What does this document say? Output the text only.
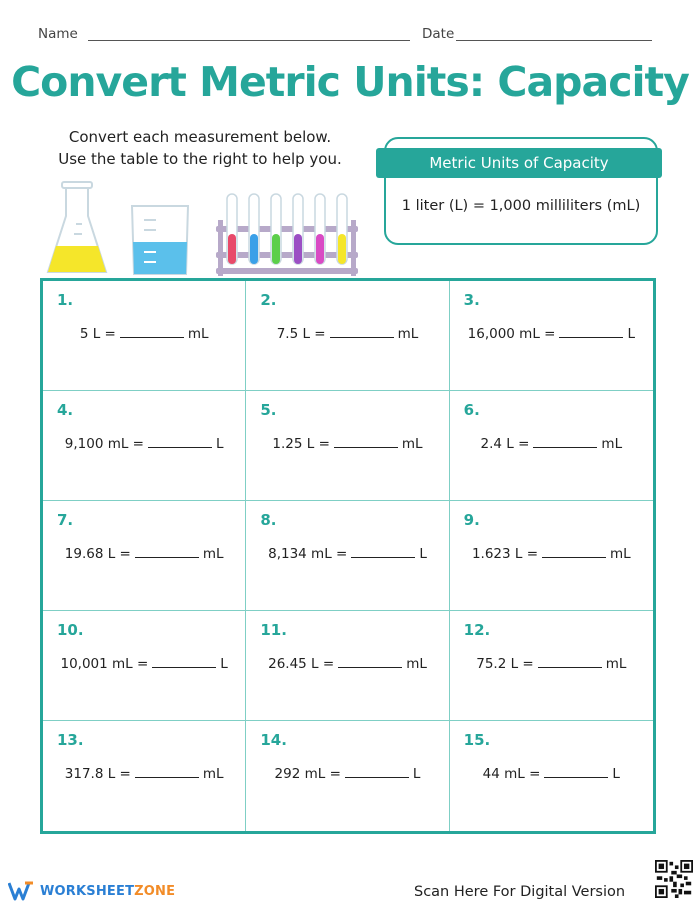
Name	Date
Convert Metric Units: Capacity
Convert each measurement below.
Use the table to the right to help you.	Metric Units of Capacity
1 liter (L) = 1,000 milliliters (mL)
1.
5 L =	mL
2.
7.5 L =	mL
3.
16,000 mL =	L
4.
9,100 mL =	L
5.
1.25 L =	mL
6.
2.4 L =	mL
7.
19.68 L =	mL
8.
8,134 mL =	L
9.
1.623 L =	mL
10.
10,001 mL =	L
11.
26.45 L =	mL
12.
75.2 L =	mL
13.
317.8 L =	mL
14.
292 mL =	L
15.
44 mL =	L
WORKSHEETZONE	Scan Here For Digital Version
